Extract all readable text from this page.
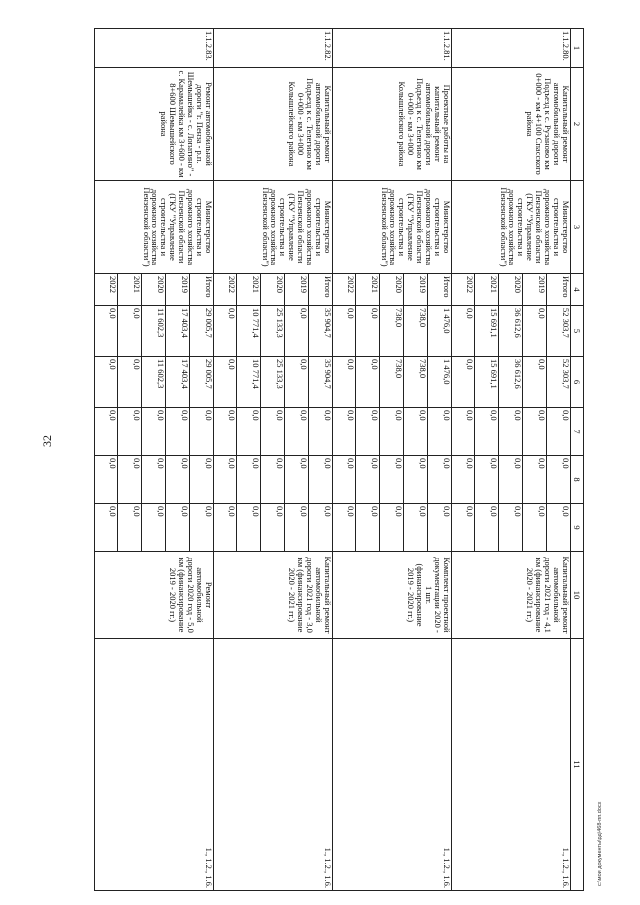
32
c:\мои документы\рд\468-пп.docx
1	2	3	4	5	6	7	8	9	10	11
1.1.2.80.	Капитальный ремонт автомобильной дороги Подъезд к с. Рузаново км 0+000 - км 4+100 Спасского района	Министерство строительства и дорожного хозяйства Пензенской области (ГКУ "Управление строительства и дорожного хозяйства Пензенской области")	Итого	52 303,7	52 303,7	0,0	0,0	0,0	Капитальный ремонт автомобильной дороги 2021 год - 4,1 км (финансирование 2020 - 2021 гг.)	1., 1.2., 1.6.
			2019	0,0	0,0	0,0	0,0	0,0		
			2020	36 612,6	36 612,6	0,0	0,0	0,0		
			2021	15 691,1	15 691,1	0,0	0,0	0,0		
			2022	0,0	0,0	0,0	0,0	0,0		
1.1.2.81.	Проектные работы на капитальный ремонт автомобильной дороги Подъезд к с. Телегино км 0+000 - км 3+000 Колышлейского района	Министерство строительства и дорожного хозяйства Пензенской области (ГКУ "Управление строительства и дорожного хозяйства Пензенской области")	Итого	1 476,0	1 476,0	0,0	0,0	0,0	Комплект проектной документации 2020 - 1 шт. (финансирование 2019 - 2020 гг.)	1., 1.2., 1.6.
			2019	738,0	738,0	0,0	0,0	0,0		
			2020	738,0	738,0	0,0	0,0	0,0		
			2021	0,0	0,0	0,0	0,0	0,0		
			2022	0,0	0,0	0,0	0,0	0,0		
1.1.2.82.	Капитальный ремонт автомобильной дороги Подъезд к с. Телегино км 0+000 - км 3+000 Колышлейского района	Министерство строительства и дорожного хозяйства Пензенской области (ГКУ "Управление строительства и дорожного хозяйства Пензенской области")	Итого	35 904,7	35 904,7	0,0	0,0	0,0	Капитальный ремонт автомобильной дороги 2021 год - 3,0 км (финансирование 2020 - 2021 гг.)	1., 1.2., 1.6.
			2019	0,0	0,0	0,0	0,0	0,0		
			2020	25 133,3	25 133,3	0,0	0,0	0,0		
			2021	10 771,4	10 771,4	0,0	0,0	0,0		
			2022	0,0	0,0	0,0	0,0	0,0		
1.1.2.83.	Ремонт автомобильной дороги "г. Пенза - р.п. Шемышейка - с. Лопатино" - с. Карамалейка км 3+600 - км 8+600 Шемышейского района	Министерство строительства и дорожного хозяйства Пензенской области (ГКУ "Управление строительства и дорожного хозяйства Пензенской области")	Итого	29 005,7	29 005,7	0,0	0,0	0,0	Ремонт автомобильной дороги 2020 год - 5,0 км (финансирование 2019 - 2020 гг.)	1., 1.2., 1.6.
			2019	17 403,4	17 403,4	0,0	0,0	0,0		
			2020	11 602,3	11 602,3	0,0	0,0	0,0		
			2021	0,0	0,0	0,0	0,0	0,0		
			2022	0,0	0,0	0,0	0,0	0,0		
